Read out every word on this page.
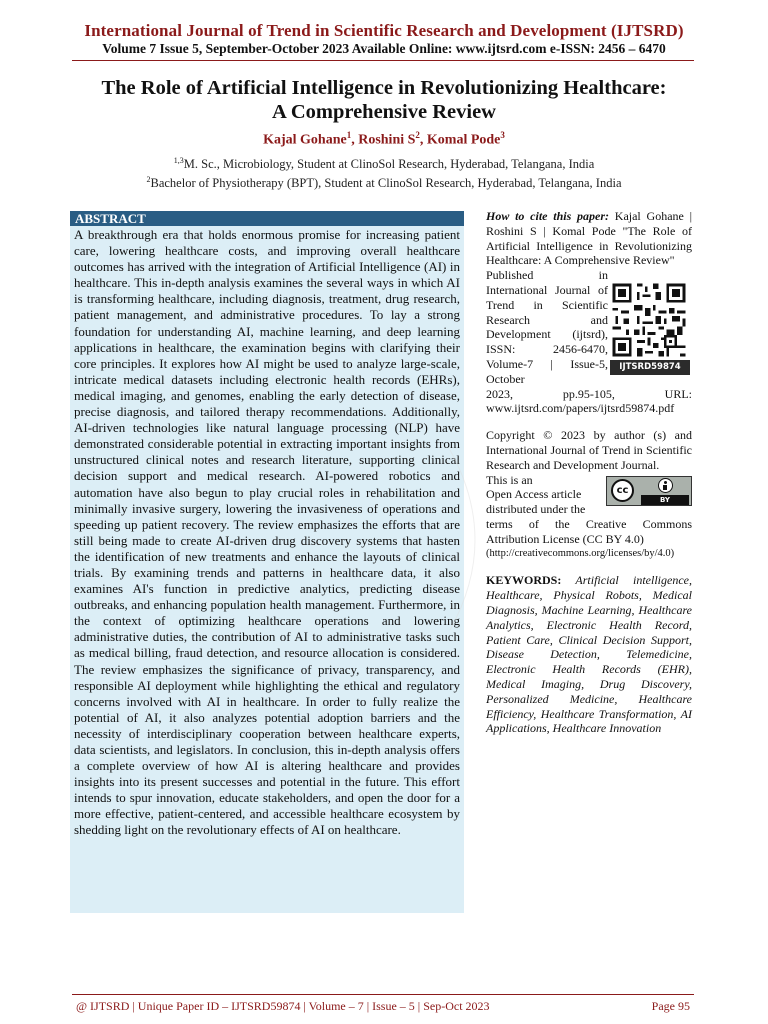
International Journal of Trend in Scientific Research and Development (IJTSRD)
Volume 7 Issue 5, September-October 2023 Available Online: www.ijtsrd.com e-ISSN: 2456 – 6470
The Role of Artificial Intelligence in Revolutionizing Healthcare:
A Comprehensive Review
Kajal Gohane$^1$, Roshini $S^2$, Komal Pode$^3$
$^{1,3}$M. Sc., Microbiology, Student at ClinoSol Research, Hyderabad, Telangana, India
$^2$Bachelor of Physiotherapy (BPT), Student at ClinoSol Research, Hyderabad, Telangana, India
ABSTRACT
A breakthrough era that holds enormous promise for increasing patient care, lowering healthcare costs, and improving overall healthcare outcomes has arrived with the integration of Artificial Intelligence (AI) in healthcare. This in-depth analysis examines the several ways in which AI is transforming healthcare, including diagnosis, treatment, drug research, patient management, and administrative procedures. To lay a strong foundation for understanding AI, machine learning, and deep learning applications in healthcare, the examination begins with clarifying their core principles. It explores how AI might be used to analyze large-scale, intricate medical datasets including electronic health records (EHRs), medical imaging, and genomes, enabling the early detection of disease, precise diagnosis, and tailored therapy recommendations. Additionally, AI-driven technologies like natural language processing (NLP) have demonstrated considerable potential in extracting important insights from unstructured clinical notes and research literature, supporting clinical decision support and medical research. AI-powered robotics and automation have also begun to play crucial roles in rehabilitation and minimally invasive surgery, lowering the invasiveness of operations and speeding up patient recovery. The review emphasizes the efforts that are still being made to create AI-driven drug discovery systems that hasten the identification of new treatments and enhance the layouts of clinical trials. By examining trends and patterns in healthcare data, it also examines AI's function in predictive analytics, predicting disease outbreaks, and enhancing population health management. Furthermore, in the context of optimizing healthcare operations and lowering administrative duties, the contribution of AI to administrative tasks such as medical billing, fraud detection, and resource allocation is considered. The review emphasizes the significance of privacy, transparency, and responsible AI deployment while highlighting the ethical and regulatory concerns involved with AI in healthcare. In order to fully realize the potential of AI, it also analyzes potential adoption barriers and the necessity of interdisciplinary cooperation between healthcare experts, data scientists, and legislators. In conclusion, this in-depth analysis offers a complete overview of how AI is altering healthcare and provides insights into its present successes and potential in the future. This effort intends to spur innovation, educate stakeholders, and open the door for a more effective, patient-centered, and accessible healthcare ecosystem by shedding light on the revolutionary effects of AI on healthcare.
How to cite this paper: Kajal Gohane | Roshini S | Komal Pode "The Role of Artificial Intelligence in Revolutionizing Healthcare: A Comprehensive Review"
Published in International Journal of Trend in Scientific Research and Development (ijtsrd), ISSN: 2456-6470, Volume-7 | Issue-5, October
2023, pp.95-105, URL: www.ijtsrd.com/papers/ijtsrd59874.pdf
IJTSRD59874
Copyright © 2023 by author (s) and International Journal of Trend in Scientific Research and Development Journal.
This is an
Open Access article
distributed under the
terms of the Creative Commons Attribution License (CC BY 4.0)
(http://creativecommons.org/licenses/by/4.0)
cc
BY
KEYWORDS: Artificial intelligence, Healthcare, Physical Robots, Medical Diagnosis, Machine Learning, Healthcare Analytics, Electronic Health Record, Patient Care, Clinical Decision Support, Disease Detection, Telemedicine, Electronic Health Records (EHR), Medical Imaging, Drug Discovery, Personalized Medicine, Healthcare Efficiency, Healthcare Transformation, AI Applications, Healthcare Innovation
@ IJTSRD | Unique Paper ID – IJTSRD59874 | Volume – 7 | Issue – 5 | Sep-Oct 2023	Page 95
